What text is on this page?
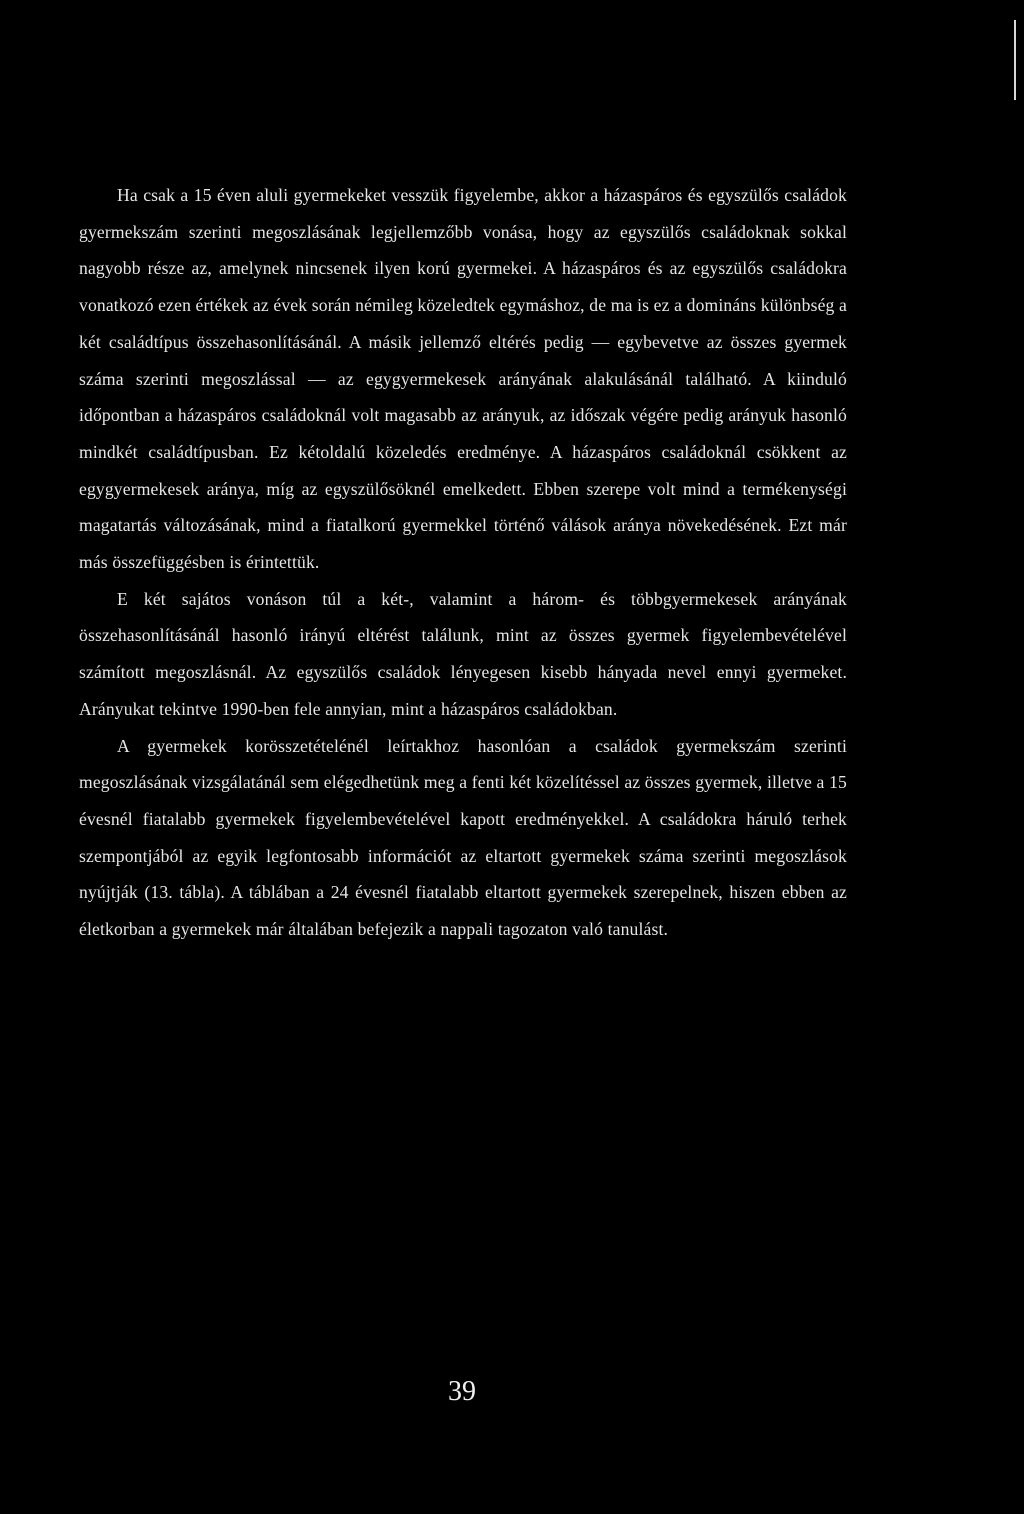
Ha csak a 15 éven aluli gyermekeket vesszük figyelembe, akkor a házaspáros és egyszülős családok gyermekszám szerinti megoszlásának legjellemzőbb vonása, hogy az egyszülős családoknak sokkal nagyobb része az, amelynek nincsenek ilyen korú gyermekei. A házaspáros és az egyszülős családokra vonatkozó ezen értékek az évek során némileg közeledtek egymáshoz, de ma is ez a domináns különbség a két családtípus összehasonlításánál. A másik jellemző eltérés pedig — egybevetve az összes gyermek száma szerinti megoszlással — az egygyermekesek arányának alakulásánál található. A kiinduló időpontban a házaspáros családoknál volt magasabb az arányuk, az időszak végére pedig arányuk hasonló mindkét családtípusban. Ez kétoldalú közeledés eredménye. A házaspáros családoknál csökkent az egygyermekesek aránya, míg az egyszülősöknél emelkedett. Ebben szerepe volt mind a termékenységi magatartás változásának, mind a fiatalkorú gyermekkel történő válások aránya növekedésének. Ezt már más összefüggésben is érintettük.

E két sajátos vonáson túl a két-, valamint a három- és többgyermekesek arányának összehasonlításánál hasonló irányú eltérést találunk, mint az összes gyermek figyelembevételével számított megoszlásnál. Az egyszülős családok lényegesen kisebb hányada nevel ennyi gyermeket. Arányukat tekintve 1990-ben fele annyian, mint a házaspáros családokban.

A gyermekek korösszetételénél leírtakhoz hasonlóan a családok gyermekszám szerinti megoszlásának vizsgálatánál sem elégedhetünk meg a fenti két közelítéssel az összes gyermek, illetve a 15 évesnél fiatalabb gyermekek figyelembevételével kapott eredményekkel. A családokra háruló terhek szempontjából az egyik legfontosabb információt az eltartott gyermekek száma szerinti megoszlások nyújtják (13. tábla). A táblában a 24 évesnél fiatalabb eltartott gyermekek szerepelnek, hiszen ebben az életkorban a gyermekek már általában befejezik a nappali tagozaton való tanulást.

39
